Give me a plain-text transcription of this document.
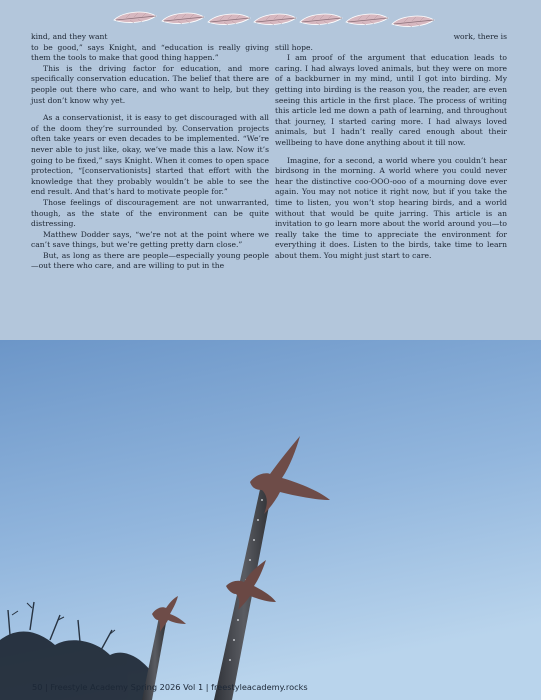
kind, and they want

to be good,” says Knight, and “education is really giving them the tools to make that good thing happen.”

This is the driving factor for education, and more specifically conservation education. The belief that there are people out there who care, and who want to help, but they just don’t know why yet.

As a conservationist, it is easy to get discouraged with all of the doom they’re surrounded by. Conservation projects often take years or even decades to be implemented. “We’re never able to just like, okay, we’ve made this a law. Now it’s going to be fixed,” says Knight. When it comes to open space protection, “[conservationists] started that effort with the knowledge that they probably wouldn’t be able to see the end result. And that’s hard to motivate people for.”

Those feelings of discouragement are not unwarranted, though, as the state of the environment can be quite distressing.

Matthew Dodder says, “we’re not at the point where we can’t save things, but we’re getting pretty darn close.”

But, as long as there are people—especially young people—out there who care, and are willing to put in the

work, there is

still hope.

I am proof of the argument that education leads to caring. I had always loved animals, but they were on more of a backburner in my mind, until I got into birding. My getting into birding is the reason you, the reader, are even seeing this article in the first place. The process of writing this article led me down a path of learning, and throughout that journey, I started caring more. I had always loved animals, but I hadn’t really cared enough about their wellbeing to have done anything about it till now.

Imagine, for a second, a world where you couldn’t hear birdsong in the morning. A world where you could never hear the distinctive coo-OOO-ooo of a mourning dove ever again. You may not notice it right now, but if you take the time to listen, you won’t stop hearing birds, and a world without that would be quite jarring. This article is an invitation to go learn more about the world around you—to really take the time to appreciate the environment for everything it does. Listen to the birds, take time to learn about them. You might just start to care.

50 | Freestyle Academy Spring 2026 Vol 1 | freestyleacademy.rocks
